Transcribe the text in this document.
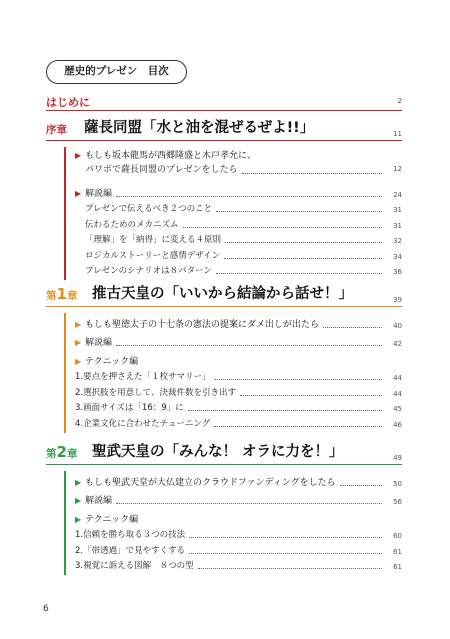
歴史的プレゼン　目次
はじめに	2
序章 薩長同盟「水と油を混ぜるぜよ!!」	11
▶ もしも坂本龍馬が西郷隆盛と木戸孝允に、
パワポで薩長同盟のプレゼンをしたら	12
▶ 解説編	24
プレゼンで伝えるべき２つのこと	31
伝わるためのメカニズム	31
「理解」を「納得」に変える４原則	32
ロジカルストーリーと感情デザイン	34
プレゼンのシナリオは８パターン	36
第1章 推古天皇の「いいから結論から話せ！」	39
▶ もしも聖徳太子の十七条の憲法の提案にダメ出しが出たら	40
▶ 解説編	42
▶ テクニック編
1.要点を押さえた「１枚サマリー」	44
2.選択肢を用意して、決裁件数を引き出す	44
3.画面サイズは「16：9」に	45
4.企業文化に合わせたチューニング	46
第2章 聖武天皇の「みんな！ オラに力を！」	49
▶ もしも聖武天皇が大仏建立のクラウドファンディングをしたら	50
▶ 解説編	56
▶ テクニック編
1.信頼を勝ち取る３つの技法	60
2.「帯透過」で見やすくする	61
3.視覚に訴える図解　８つの型	61
6
